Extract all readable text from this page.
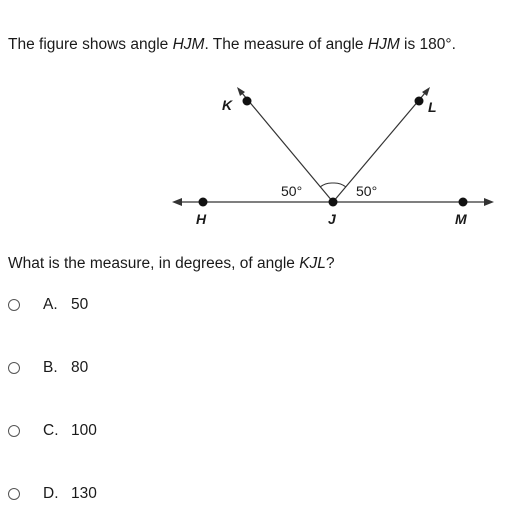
The figure shows angle HJM. The measure of angle HJM is 180°.
K	L
H	J	M
50°	50°
What is the measure, in degrees, of angle KJL?
A. 50
B. 80
C. 100
D. 130
